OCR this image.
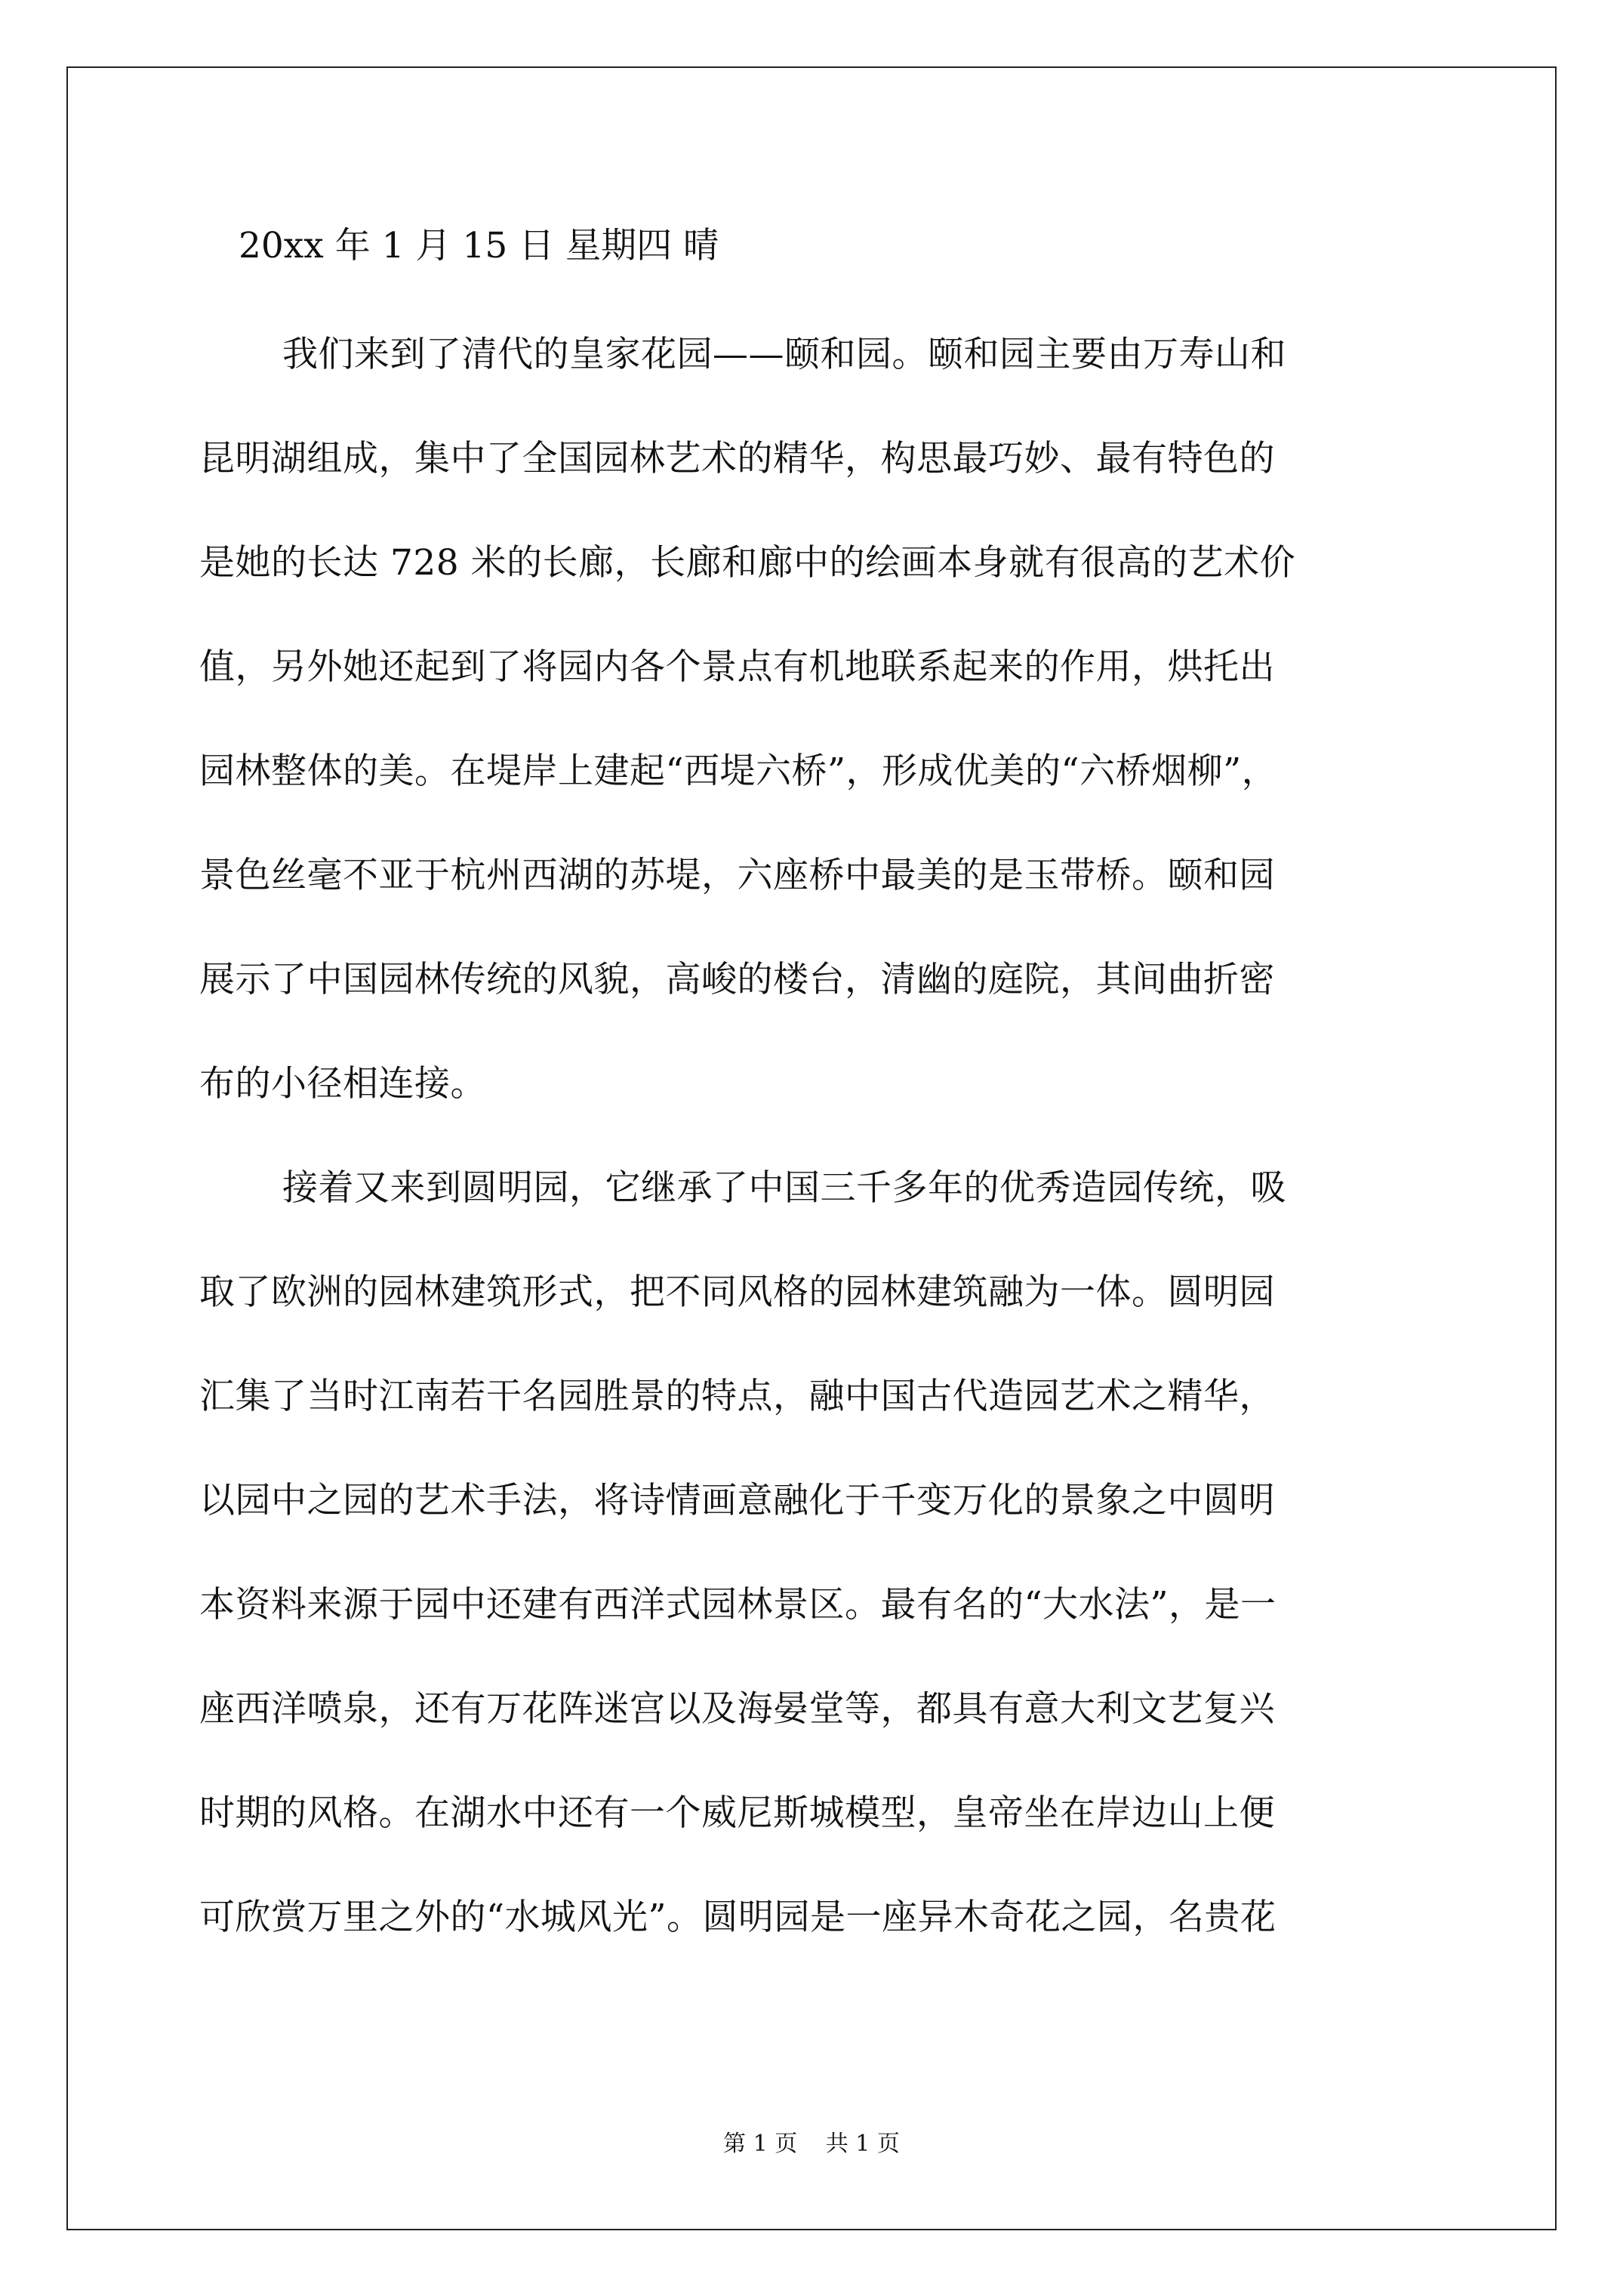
20xx 年 1 月 15 日 星期四 晴
我们来到了清代的皇家花园——颐和园。颐和园主要由万寿山和
昆明湖组成，集中了全国园林艺术的精华，构思最巧妙、最有特色的
是她的长达 728 米的长廊，长廊和廊中的绘画本身就有很高的艺术价
值，另外她还起到了将园内各个景点有机地联系起来的作用，烘托出
园林整体的美。在堤岸上建起“西堤六桥”，形成优美的“六桥烟柳”，
景色丝毫不亚于杭州西湖的苏堤，六座桥中最美的是玉带桥。颐和园
展示了中国园林传统的风貌，高峻的楼台，清幽的庭院，其间曲折密
布的小径相连接。
接着又来到圆明园，它继承了中国三千多年的优秀造园传统，吸
取了欧洲的园林建筑形式，把不同风格的园林建筑融为一体。圆明园
汇集了当时江南若干名园胜景的特点，融中国古代造园艺术之精华，
以园中之园的艺术手法，将诗情画意融化于千变万化的景象之中圆明
本资料来源于园中还建有西洋式园林景区。最有名的“大水法”，是一
座西洋喷泉，还有万花阵迷宫以及海晏堂等，都具有意大利文艺复兴
时期的风格。在湖水中还有一个威尼斯城模型，皇帝坐在岸边山上便
可欣赏万里之外的“水城风光”。圆明园是一座异木奇花之园，名贵花
第 1 页 共 1 页
